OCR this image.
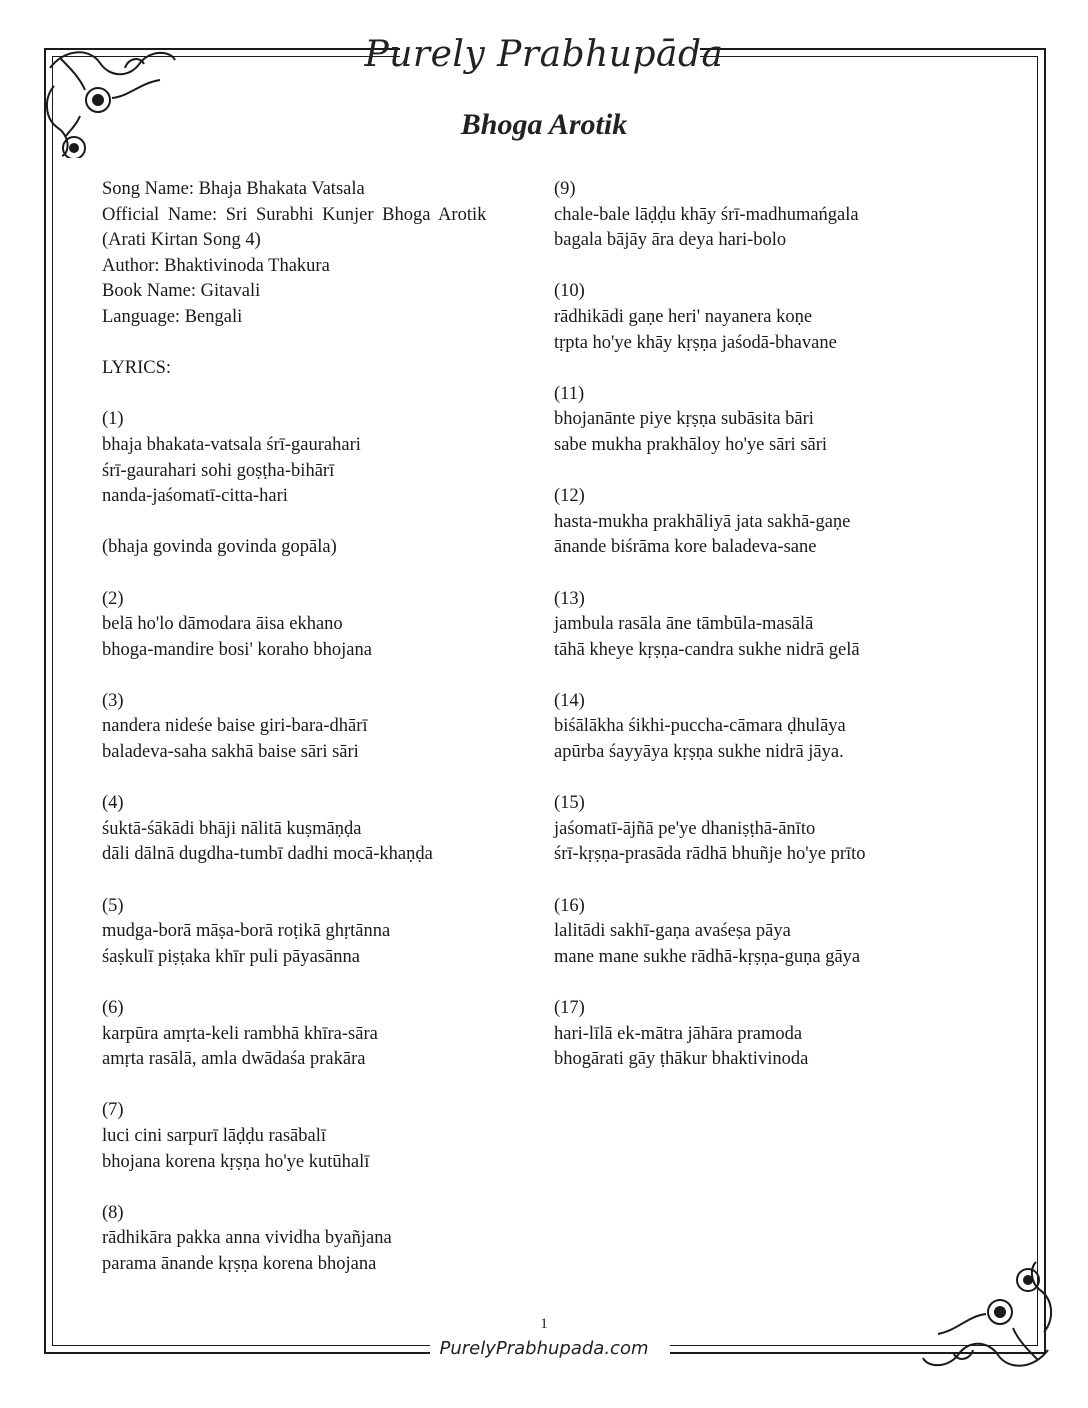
Purely Prabhupāda
Bhoga Arotik
Song Name: Bhaja Bhakata Vatsala
Official Name: Sri Surabhi Kunjer Bhoga Arotik
(Arati Kirtan Song 4)
Author: Bhaktivinoda Thakura
Book Name: Gitavali
Language: Bengali
LYRICS:
(1)
bhaja bhakata-vatsala śrī-gaurahari
śrī-gaurahari sohi goṣṭha-bihārī
nanda-jaśomatī-citta-hari
(bhaja govinda govinda gopāla)
(2)
belā ho'lo dāmodara āisa ekhano
bhoga-mandire bosi' koraho bhojana
(3)
nandera nideśe baise giri-bara-dhārī
baladeva-saha sakhā baise sāri sāri
(4)
śuktā-śākādi bhāji nālitā kuṣmāṇḍa
dāli dālnā dugdha-tumbī dadhi mocā-khaṇḍa
(5)
mudga-borā māṣa-borā roṭikā ghṛtānna
śaṣkulī piṣṭaka khīr puli pāyasānna
(6)
karpūra amṛta-keli rambhā khīra-sāra
amṛta rasālā, amla dwādaśa prakāra
(7)
luci cini sarpurī lāḍḍu rasābalī
bhojana korena kṛṣṇa ho'ye kutūhalī
(8)
rādhikāra pakka anna vividha byañjana
parama ānande kṛṣṇa korena bhojana
(9)
chale-bale lāḍḍu khāy śrī-madhumańgala
bagala bājāy āra deya hari-bolo
(10)
rādhikādi gaṇe heri' nayanera koṇe
tṛpta ho'ye khāy kṛṣṇa jaśodā-bhavane
(11)
bhojanānte piye kṛṣṇa subāsita bāri
sabe mukha prakhāloy ho'ye sāri sāri
(12)
hasta-mukha prakhāliyā jata sakhā-gaṇe
ānande biśrāma kore baladeva-sane
(13)
jambula rasāla āne tāmbūla-masālā
tāhā kheye kṛṣṇa-candra sukhe nidrā gelā
(14)
biśālākha śikhi-puccha-cāmara ḍhulāya
apūrba śayyāya kṛṣṇa sukhe nidrā jāya.
(15)
jaśomatī-ājñā pe'ye dhaniṣṭhā-ānīto
śrī-kṛṣṇa-prasāda rādhā bhuñje ho'ye prīto
(16)
lalitādi sakhī-gaṇa avaśeṣa pāya
mane mane sukhe rādhā-kṛṣṇa-guṇa gāya
(17)
hari-līlā ek-mātra jāhāra pramoda
bhogārati gāy ṭhākur bhaktivinoda
1
PurelyPrabhupada.com
